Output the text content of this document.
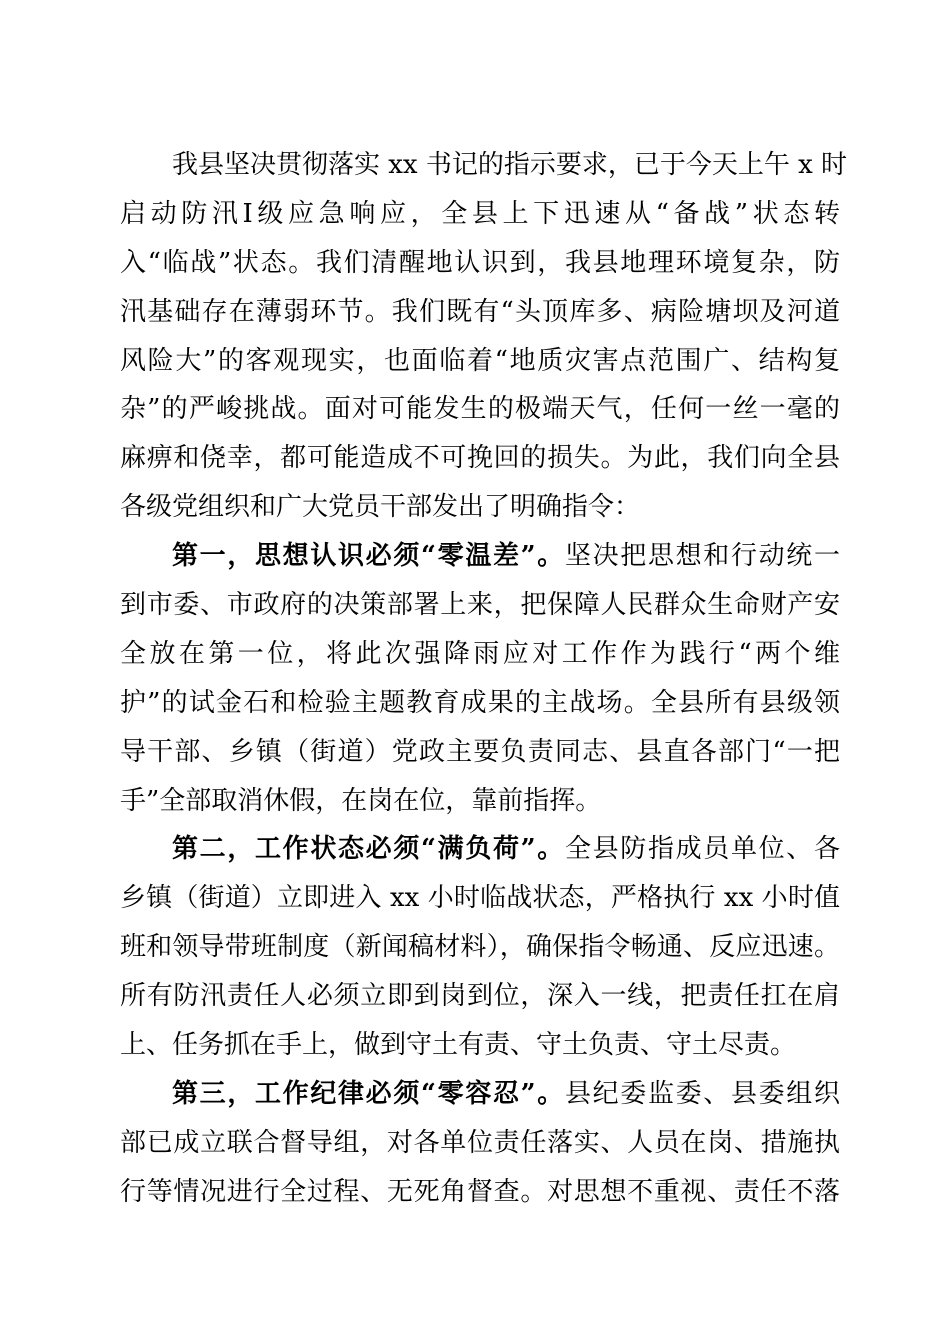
我县坚决贯彻落实 xx 书记的指示要求，已于今天上午 x 时
启动防汛Ⅰ级应急响应，全县上下迅速从“备战”状态转
入“临战”状态。我们清醒地认识到，我县地理环境复杂，防
汛基础存在薄弱环节。我们既有“头顶库多、病险塘坝及河道
风险大”的客观现实，也面临着“地质灾害点范围广、结构复
杂”的严峻挑战。面对可能发生的极端天气，任何一丝一毫的
麻痹和侥幸，都可能造成不可挽回的损失。为此，我们向全县
各级党组织和广大党员干部发出了明确指令：
第一，思想认识必须“零温差”。坚决把思想和行动统一
到市委、市政府的决策部署上来，把保障人民群众生命财产安
全放在第一位，将此次强降雨应对工作作为践行“两个维
护”的试金石和检验主题教育成果的主战场。全县所有县级领
导干部、乡镇（街道）党政主要负责同志、县直各部门“一把
手”全部取消休假，在岗在位，靠前指挥。
第二，工作状态必须“满负荷”。全县防指成员单位、各
乡镇（街道）立即进入 xx 小时临战状态，严格执行 xx 小时值
班和领导带班制度（新闻稿材料），确保指令畅通、反应迅速。
所有防汛责任人必须立即到岗到位，深入一线，把责任扛在肩
上、任务抓在手上，做到守土有责、守土负责、守土尽责。
第三，工作纪律必须“零容忍”。县纪委监委、县委组织
部已成立联合督导组，对各单位责任落实、人员在岗、措施执
行等情况进行全过程、无死角督查。对思想不重视、责任不落
